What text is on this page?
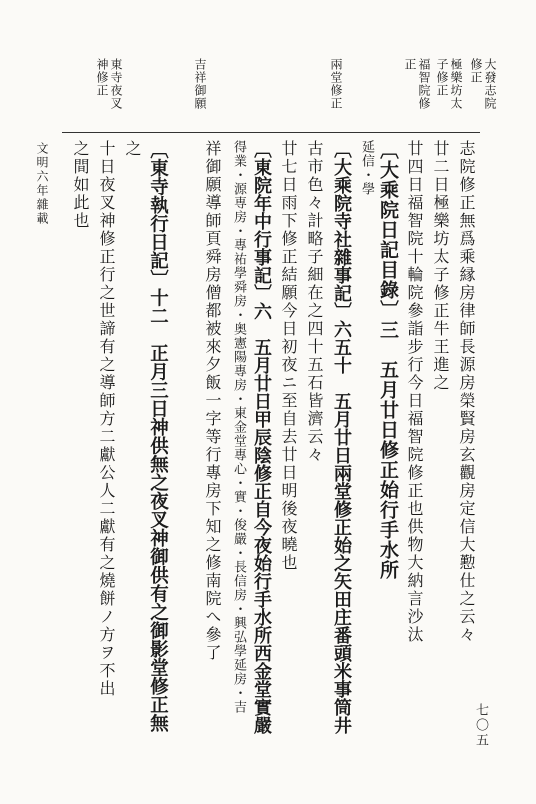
大發志院
修正
極樂坊太
子修正
福智院修
正
兩堂修正
吉祥御願
東寺夜叉
神修正
志院修正無爲乘縁房律師長源房榮賢房玄觀房定信大懃仕之云々
廿二日極樂坊太子修正牛王進之
廿四日福智院十輪院參詣步行今日福智院修正也供物大納言沙汰
〔大乘院日記目錄〕三　五月廿日修正始行手水所
延信・學
〔大乘院寺社雜事記〕六五十　五月廿日兩堂修正始之矢田庄番頭米事筒井
古市色々計略子細在之四十五石皆濟云々
廿七日雨下修正結願今日初夜ニ至自去廿日明後夜曉也
〔東院年中行事記〕六　五月廿日甲辰陰修正自今夜始行手水所西金堂實嚴
得業・源専房・專祐學舜房・奥憲陽專房・東金堂專心・實・俊嚴・長信房・興弘學延房・吉
祥御願導師頁舜房僧都被來夕飯一字等行專房下知之修南院へ參了
〔東寺執行日記〕十二　正月三日神供無之夜叉神御供有之御影堂修正無
之
十日夜叉神修正行之世諦有之導師方二獻公人二獻有之燒餅ノ方ヲ不出
之間如此也
文明六年雜載
七〇五
